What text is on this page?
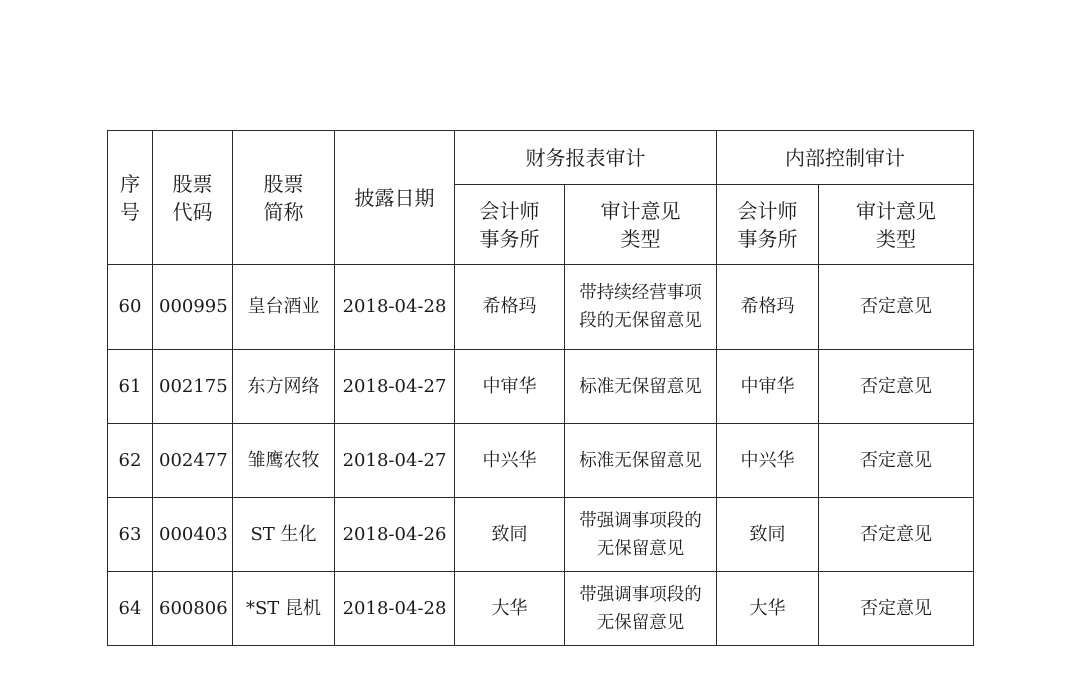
序号	股票代码	股票简称	披露日期	财务报表审计		内部控制审计	
				会计师事务所	审计意见类型	会计师事务所	审计意见类型
60	000995	皇台酒业	2018-04-28	希格玛	带持续经营事项段的无保留意见	希格玛	否定意见
61	002175	东方网络	2018-04-27	中审华	标准无保留意见	中审华	否定意见
62	002477	雏鹰农牧	2018-04-27	中兴华	标准无保留意见	中兴华	否定意见
63	000403	ST 生化	2018-04-26	致同	带强调事项段的无保留意见	致同	否定意见
64	600806	*ST 昆机	2018-04-28	大华	带强调事项段的无保留意见	大华	否定意见
